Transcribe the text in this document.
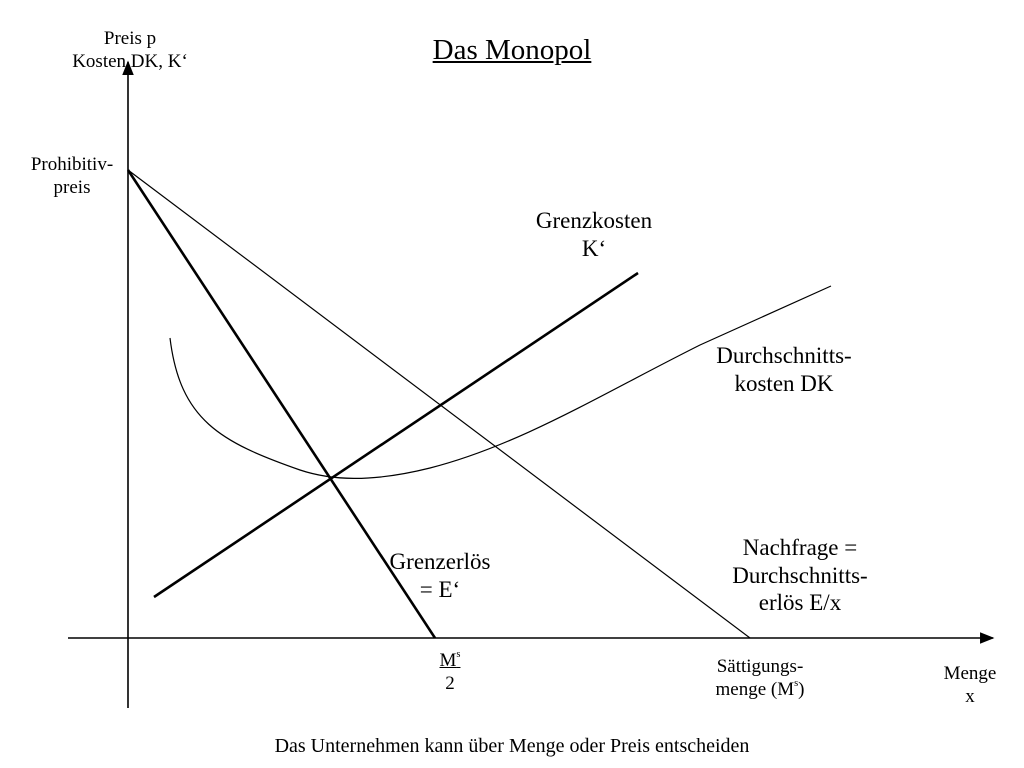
Das Monopol
Preis p
Kosten DK, K‘
Prohibitiv-
preis
Grenzkosten
K‘
Durchschnitts-
kosten DK
Grenzerlös
= E‘
Nachfrage =
Durchschnitts-
erlös E/x
$\frac{M^s}{2}$	Sättigungs-
menge $(M^s)$
Menge
x
Das Unternehmen kann über Menge oder Preis entscheiden
